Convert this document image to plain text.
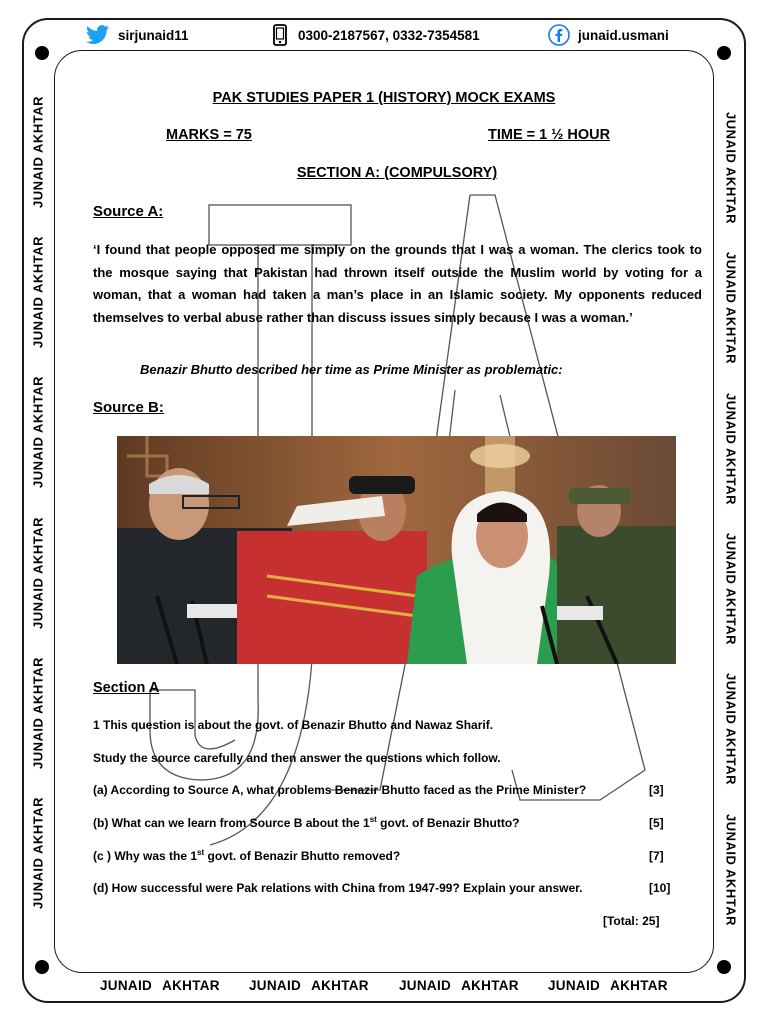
sirjunaid11	0300-2187567, 0332-7354581	junaid.usmani
JUNAID AKHTAR
JUNAID AKHTAR
JUNAID AKHTAR
JUNAID AKHTAR
JUNAID AKHTAR
JUNAID AKHTAR
JUNAID AKHTAR
JUNAID AKHTAR
JUNAID AKHTAR
JUNAID AKHTAR
JUNAID AKHTAR
JUNAID AKHTAR
JUNAID AKHTAR JUNAID AKHTAR JUNAID AKHTAR JUNAID AKHTAR
PAK STUDIES PAPER 1 (HISTORY) MOCK EXAMS
MARKS = 75	TIME = 1 ½ HOUR
SECTION A: (COMPULSORY)
Source A:
‘I found that people opposed me simply on the grounds that I was a woman. The clerics took to the mosque saying that Pakistan had thrown itself outside the Muslim world by voting for a woman, that a woman had taken a man’s place in an Islamic society. My opponents reduced themselves to verbal abuse rather than discuss issues simply because I was a woman.’
Benazir Bhutto described her time as Prime Minister as problematic:
Source B:
Section A
1 This question is about the govt. of Benazir Bhutto and Nawaz Sharif.
Study the source carefully and then answer the questions which follow.
(a) According to Source A, what problems Benazir Bhutto faced as the Prime Minister?	[3]
(b) What can we learn from Source B about the 1st govt. of Benazir Bhutto?	[5]
(c ) Why was the 1st govt. of Benazir Bhutto removed?	[7]
(d) How successful were Pak relations with China from 1947-99? Explain your answer.	[10]
[Total: 25]
